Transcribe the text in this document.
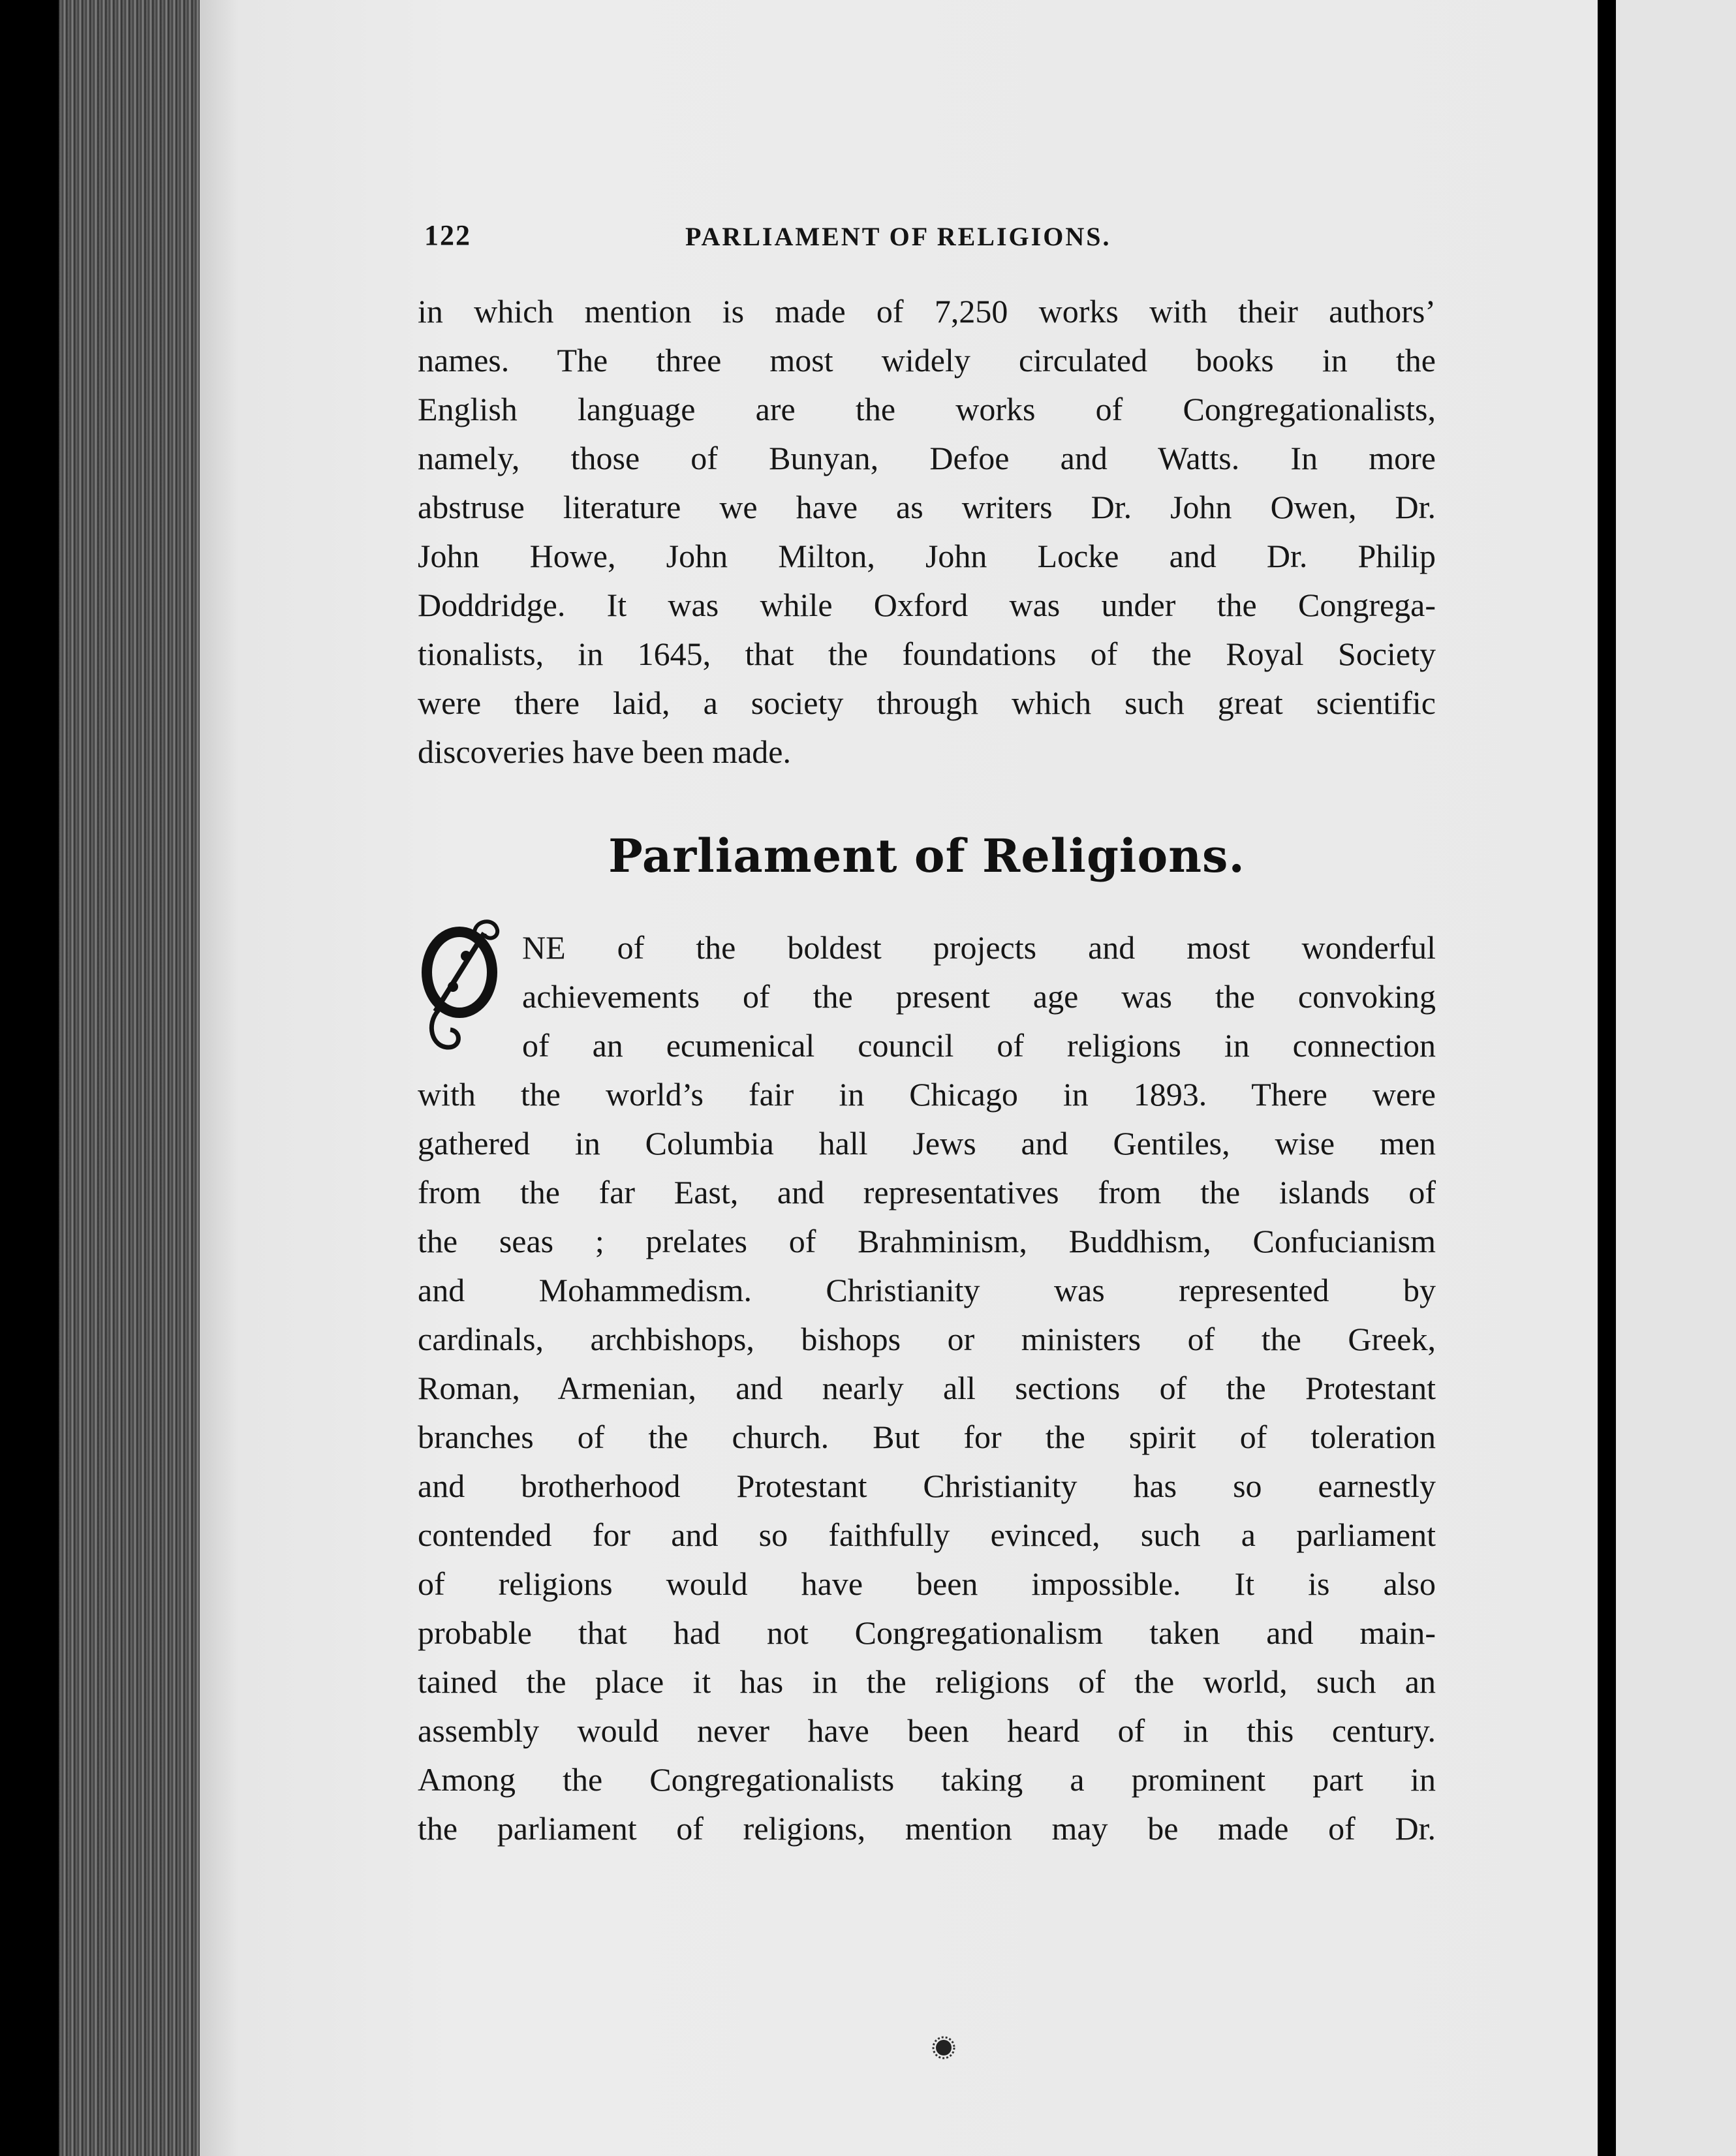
122	PARLIAMENT OF RELIGIONS.
in which mention is made of 7,250 works with their authors’
names. The three most widely circulated books in the
English language are the works of Congregationalists,
namely, those of Bunyan, Defoe and Watts. In more
abstruse literature we have as writers Dr. John Owen, Dr.
John Howe, John Milton, John Locke and Dr. Philip
Doddridge. It was while Oxford was under the Congrega-
tionalists, in 1645, that the foundations of the Royal Society
were there laid, a society through which such great scientific
discoveries have been made.
Parliament of Religions.
O
NE of the boldest projects and most wonderful
achievements of the present age was the convoking
of an ecumenical council of religions in connection
with the world’s fair in Chicago in 1893. There were
gathered in Columbia hall Jews and Gentiles, wise men
from the far East, and representatives from the islands of
the seas ; prelates of Brahminism, Buddhism, Confucianism
and Mohammedism. Christianity was represented by
cardinals, archbishops, bishops or ministers of the Greek,
Roman, Armenian, and nearly all sections of the Protestant
branches of the church. But for the spirit of toleration
and brotherhood Protestant Christianity has so earnestly
contended for and so faithfully evinced, such a parliament
of religions would have been impossible. It is also
probable that had not Congregationalism taken and main-
tained the place it has in the religions of the world, such an
assembly would never have been heard of in this century.
Among the Congregationalists taking a prominent part in
the parliament of religions, mention may be made of Dr.
